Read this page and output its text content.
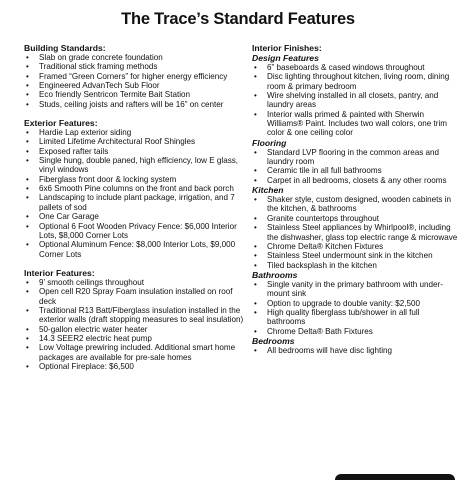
The Trace’s Standard Features
Building Standards:
• Slab on grade concrete foundation
• Traditional stick framing methods
• Framed “Green Corners” for higher energy efficiency
• Engineered AdvanTech Sub Floor
• Eco friendly Sentricon Termite Bait Station
• Studs, ceiling joists and rafters will be 16” on center
Exterior Features:
• Hardie Lap exterior siding
• Limited Lifetime Architectural Roof Shingles
• Exposed rafter tails
• Single hung, double paned, high efficiency, low E glass, vinyl windows
• Fiberglass front door & locking system
• 6x6 Smooth Pine columns on the front and back porch
• Landscaping to include plant package, irrigation, and 7 pallets of sod
• One Car Garage
• Optional 6 Foot Wooden Privacy Fence: $6,000 Interior Lots, $8,000 Corner Lots
• Optional Aluminum Fence: $8,000 Interior Lots, $9,000 Corner Lots
Interior Features:
• 9’ smooth ceilings throughout
• Open cell R20 Spray Foam insulation installed on roof deck
• Traditional R13 Batt/Fiberglass insulation installed in the exterior walls (draft stopping measures to seal insulation)
• 50-gallon electric water heater
• 14.3 SEER2 electric heat pump
• Low Voltage prewiring included. Additional smart home packages are available for pre-sale homes
• Optional Fireplace: $6,500
Interior Finishes:
Design Features
• 6” baseboards & cased windows throughout
• Disc lighting throughout kitchen, living room, dining room & primary bedroom
• Wire shelving installed in all closets, pantry, and laundry areas
• Interior walls primed & painted with Sherwin Williams® Paint. Includes two wall colors, one trim color & one ceiling color
Flooring
• Standard LVP flooring in the common areas and laundry room
• Ceramic tile in all full bathrooms
• Carpet in all bedrooms, closets & any other rooms
Kitchen
• Shaker style, custom designed, wooden cabinets in the kitchen, & bathrooms
• Granite countertops throughout
• Stainless Steel appliances by Whirlpool®, including the dishwasher, glass top electric range & microwave
• Chrome Delta® Kitchen Fixtures
• Stainless Steel undermount sink in the kitchen
• Tiled backsplash in the kitchen
Bathrooms
• Single vanity in the primary bathroom with under-mount sink
• Option to upgrade to double vanity: $2,500
• High quality fiberglass tub/shower in all full bathrooms
• Chrome Delta® Bath Fixtures
Bedrooms
• All bedrooms will have disc lighting
